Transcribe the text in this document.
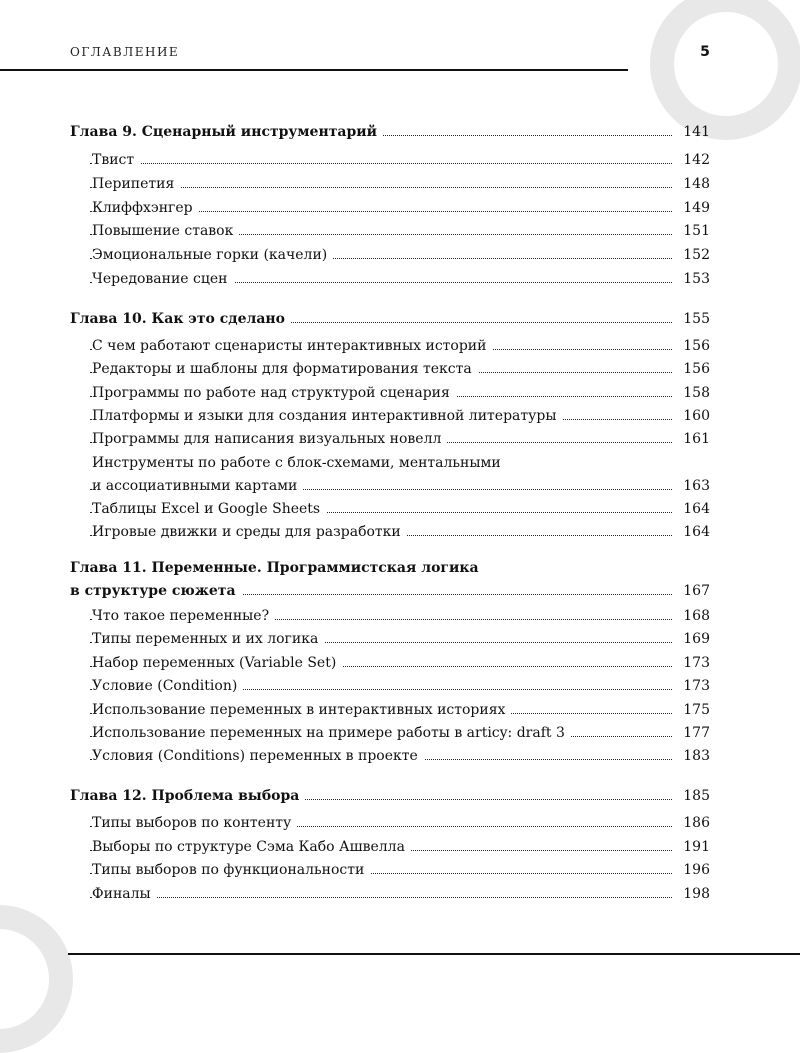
ОГЛАВЛЕНИЕ	5
Глава 9. Сценарный инструментарий	141
Твист	142
Перипетия	148
Клиффхэнгер	149
Повышение ставок	151
Эмоциональные горки (качели)	152
Чередование сцен	153
Глава 10. Как это сделано	155
С чем работают сценаристы интерактивных историй	156
Редакторы и шаблоны для форматирования текста	156
Программы по работе над структурой сценария	158
Платформы и языки для создания интерактивной литературы	160
Программы для написания визуальных новелл	161
Инструменты по работе с блок-схемами, ментальными
и ассоциативными картами	163
Таблицы Excel и Google Sheets	164
Игровые движки и среды для разработки	164
Глава 11. Переменные. Программистская логика
в структуре сюжета	167
Что такое переменные?	168
Типы переменных и их логика	169
Набор переменных (Variable Set)	173
Условие (Condition)	173
Использование переменных в интерактивных историях	175
Использование переменных на примере работы в articy: draft 3	177
Условия (Conditions) переменных в проекте	183
Глава 12. Проблема выбора	185
Типы выборов по контенту	186
Выборы по структуре Сэма Кабо Ашвелла	191
Типы выборов по функциональности	196
Финалы	198
